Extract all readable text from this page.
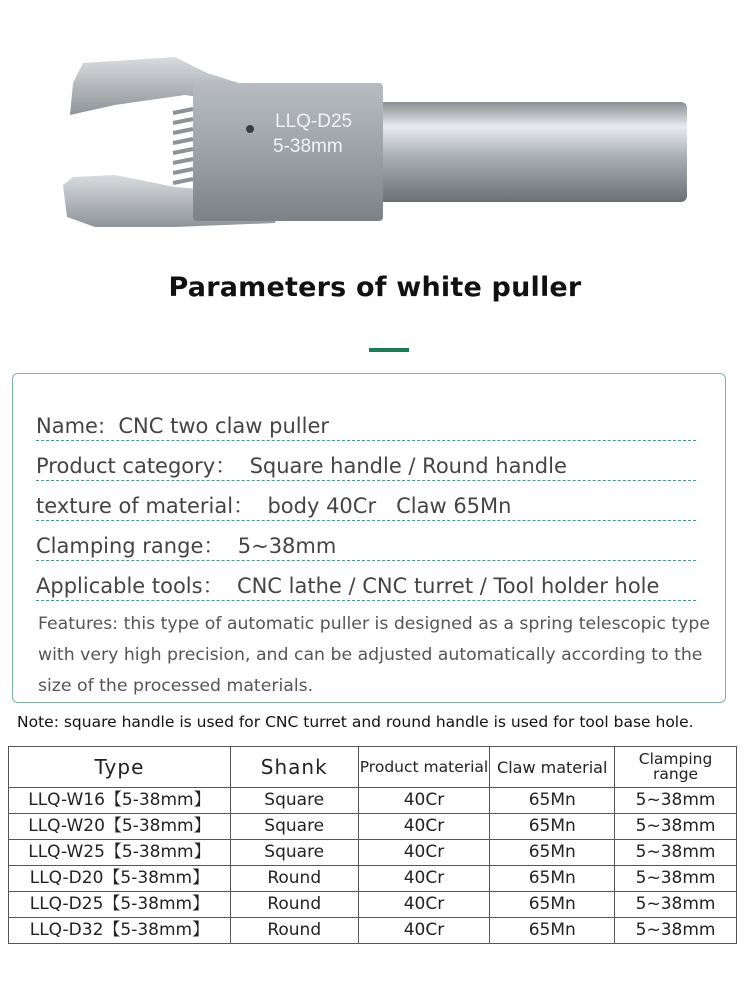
LLQ-D25
5-38mm
Parameters of white puller
Name: CNC two claw puller
Product category： Square handle / Round handle
texture of material： body 40Cr   Claw 65Mn
Clamping range： 5~38mm
Applicable tools： CNC lathe / CNC turret / Tool holder hole
Features: this type of automatic puller is designed as a spring telescopic type with very high precision, and can be adjusted automatically according to the size of the processed materials.
Note: square handle is used for CNC turret and round handle is used for tool base hole.
Type	Shank	Product material	Claw material	Clamping range
LLQ-W16【5-38mm】	Square	40Cr	65Mn	5~38mm
LLQ-W20【5-38mm】	Square	40Cr	65Mn	5~38mm
LLQ-W25【5-38mm】	Square	40Cr	65Mn	5~38mm
LLQ-D20【5-38mm】	Round	40Cr	65Mn	5~38mm
LLQ-D25【5-38mm】	Round	40Cr	65Mn	5~38mm
LLQ-D32【5-38mm】	Round	40Cr	65Mn	5~38mm
